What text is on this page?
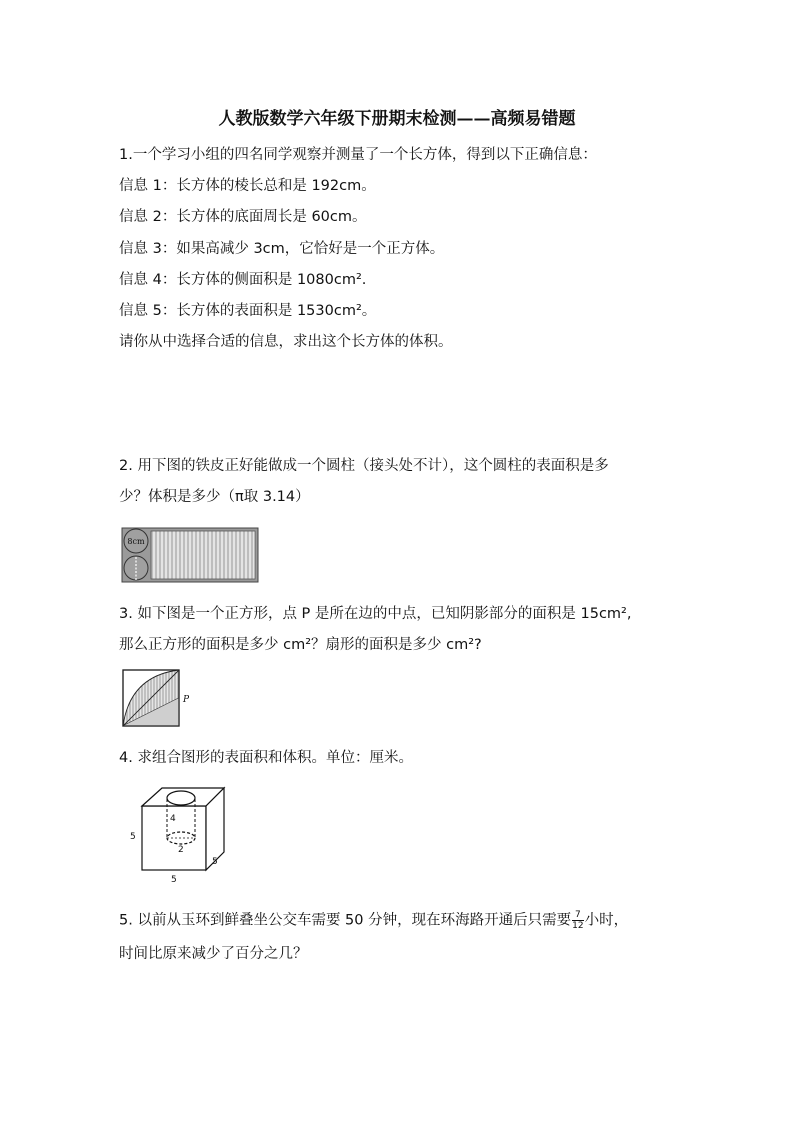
人教版数学六年级下册期末检测——高频易错题
1.一个学习小组的四名同学观察并测量了一个长方体，得到以下正确信息：
信息 1：长方体的棱长总和是 192cm。
信息 2：长方体的底面周长是 60cm。
信息 3：如果高减少 3cm，它恰好是一个正方体。
信息 4：长方体的侧面积是 1080cm².
信息 5：长方体的表面积是 1530cm²。
请你从中选择合适的信息，求出这个长方体的体积。
2. 用下图的铁皮正好能做成一个圆柱（接头处不计），这个圆柱的表面积是多
少？体积是多少（π取 3.14）
8cm
3. 如下图是一个正方形，点 P 是所在边的中点，已知阴影部分的面积是 15cm²,
那么正方形的面积是多少 cm²？扇形的面积是多少 cm²?
P
4. 求组合图形的表面积和体积。单位：厘米。
4
2
5
5
5
5. 以前从玉环到鲜叠坐公交车需要 50 分钟，现在环海路开通后只需要 $\frac{7}{12}$ 小时，
时间比原来减少了百分之几？
